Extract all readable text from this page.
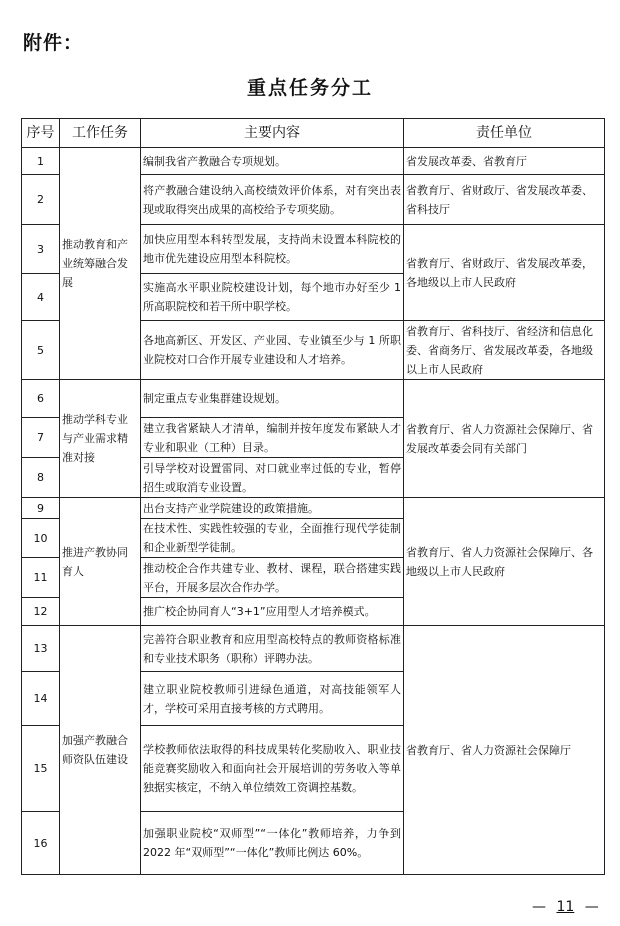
附件：
重点任务分工
序号	工作任务	主要内容	责任单位
1	推动教育和产业统筹融合发展	编制我省产教融合专项规划。	省发展改革委、省教育厅
2		将产教融合建设纳入高校绩效评价体系，对有突出表现或取得突出成果的高校给予专项奖励。	省教育厅、省财政厅、省发展改革委、省科技厅
3		加快应用型本科转型发展，支持尚未设置本科院校的地市优先建设应用型本科院校。	省教育厅、省财政厅、省发展改革委，各地级以上市人民政府
4		实施高水平职业院校建设计划，每个地市办好至少 1 所高职院校和若干所中职学校。	
5		各地高新区、开发区、产业园、专业镇至少与 1 所职业院校对口合作开展专业建设和人才培养。	省教育厅、省科技厅、省经济和信息化委、省商务厅、省发展改革委，各地级以上市人民政府
6	推动学科专业与产业需求精准对接	制定重点专业集群建设规划。	省教育厅、省人力资源社会保障厅、省发展改革委会同有关部门
7		建立我省紧缺人才清单，编制并按年度发布紧缺人才专业和职业（工种）目录。	
8		引导学校对设置雷同、对口就业率过低的专业，暂停招生或取消专业设置。	
9	推进产教协同育人	出台支持产业学院建设的政策措施。	省教育厅、省人力资源社会保障厅、各地级以上市人民政府
10		在技术性、实践性较强的专业，全面推行现代学徒制和企业新型学徒制。	
11		推动校企合作共建专业、教材、课程，联合搭建实践平台，开展多层次合作办学。	
12		推广校企协同育人“3+1”应用型人才培养模式。	
13	加强产教融合师资队伍建设	完善符合职业教育和应用型高校特点的教师资格标准和专业技术职务（职称）评聘办法。	省教育厅、省人力资源社会保障厅
14		建立职业院校教师引进绿色通道，对高技能领军人才，学校可采用直接考核的方式聘用。	
15		学校教师依法取得的科技成果转化奖励收入、职业技能竞赛奖励收入和面向社会开展培训的劳务收入等单独据实核定，不纳入单位绩效工资调控基数。	
16		加强职业院校“双师型”“一体化”教师培养，力争到 2022 年“双师型”“一体化”教师比例达 60%。	
— 11 —
